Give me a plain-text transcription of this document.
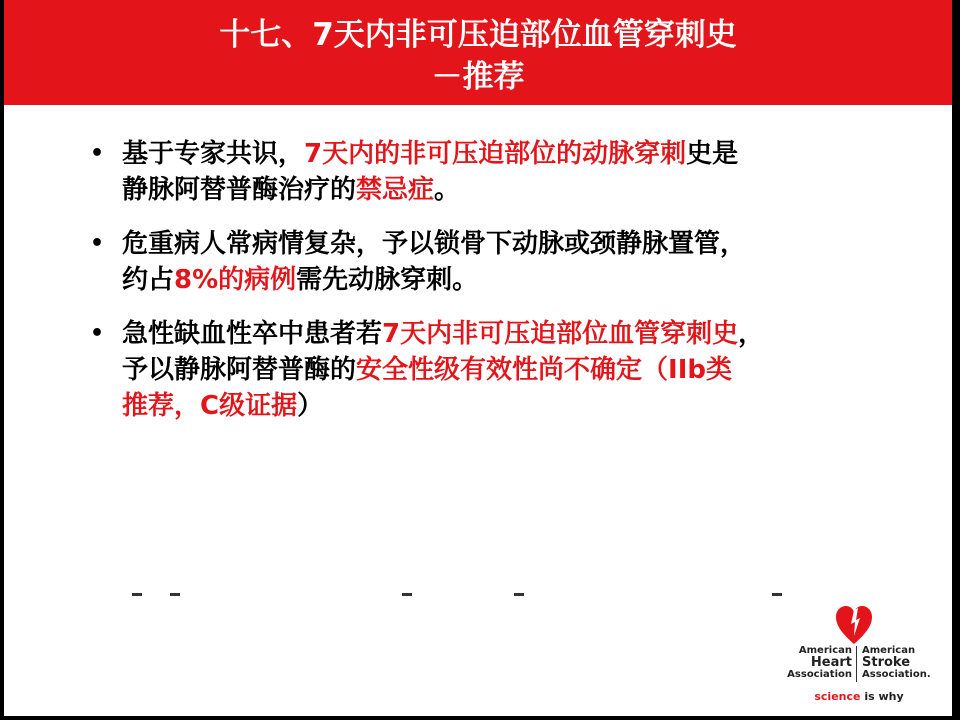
十七、7天内非可压迫部位血管穿刺史
－推荐
• 基于专家共识，7天内的非可压迫部位的动脉穿刺史是
静脉阿替普酶治疗的禁忌症。
• 危重病人常病情复杂，予以锁骨下动脉或颈静脉置管，
约占8%的病例需先动脉穿刺。
• 急性缺血性卒中患者若7天内非可压迫部位血管穿刺史，
予以静脉阿替普酶的安全性级有效性尚不确定（IIb类
推荐，C级证据）
American
Heart
Association
American
Stroke
Association.
science is why
